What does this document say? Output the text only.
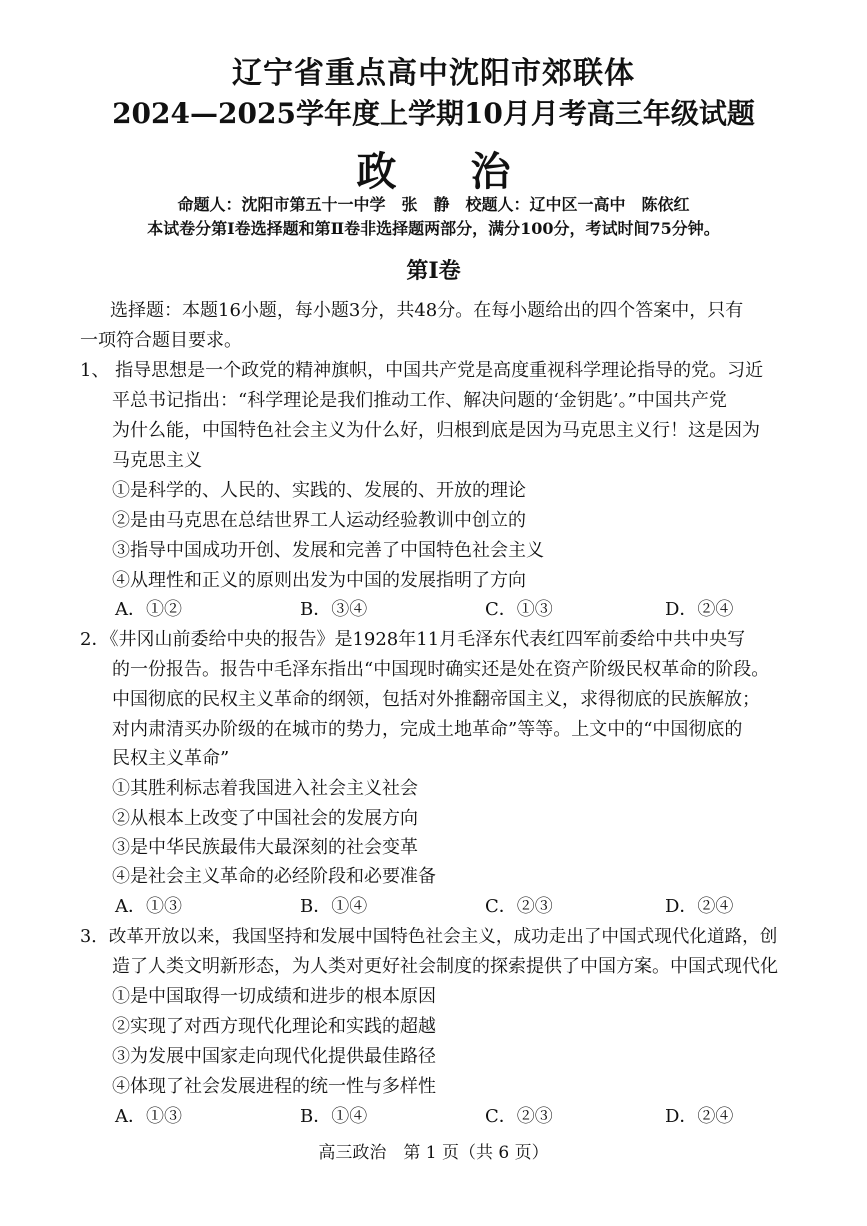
辽宁省重点高中沈阳市郊联体
2024—2025学年度上学期10月月考高三年级试题
政 治
命题人：沈阳市第五十一中学　张　静　校题人：辽中区一高中　陈依红
本试卷分第Ⅰ卷选择题和第Ⅱ卷非选择题两部分，满分100分，考试时间75分钟。
第Ⅰ卷
选择题：本题16小题，每小题3分，共48分。在每小题给出的四个答案中，只有
一项符合题目要求。
1、 指导思想是一个政党的精神旗帜，中国共产党是高度重视科学理论指导的党。习近
平总书记指出：“科学理论是我们推动工作、解决问题的‘金钥匙’。”中国共产党
为什么能，中国特色社会主义为什么好，归根到底是因为马克思主义行！这是因为
马克思主义
①是科学的、人民的、实践的、发展的、开放的理论
②是由马克思在总结世界工人运动经验教训中创立的
③指导中国成功开创、发展和完善了中国特色社会主义
④从理性和正义的原则出发为中国的发展指明了方向
A．①②	B．③④	C．①③	D．②④
2．《井冈山前委给中央的报告》是1928年11月毛泽东代表红四军前委给中共中央写
的一份报告。报告中毛泽东指出“中国现时确实还是处在资产阶级民权革命的阶段。
中国彻底的民权主义革命的纲领，包括对外推翻帝国主义，求得彻底的民族解放；
对内肃清买办阶级的在城市的势力，完成土地革命”等等。上文中的“中国彻底的
民权主义革命”
①其胜利标志着我国进入社会主义社会
②从根本上改变了中国社会的发展方向
③是中华民族最伟大最深刻的社会变革
④是社会主义革命的必经阶段和必要准备
A．①③	B．①④	C．②③	D．②④
3．改革开放以来，我国坚持和发展中国特色社会主义，成功走出了中国式现代化道路，创
造了人类文明新形态，为人类对更好社会制度的探索提供了中国方案。中国式现代化
①是中国取得一切成绩和进步的根本原因
②实现了对西方现代化理论和实践的超越
③为发展中国家走向现代化提供最佳路径
④体现了社会发展进程的统一性与多样性
A．①③	B．①④	C．②③	D．②④
高三政治　第 1 页（共 6 页）
